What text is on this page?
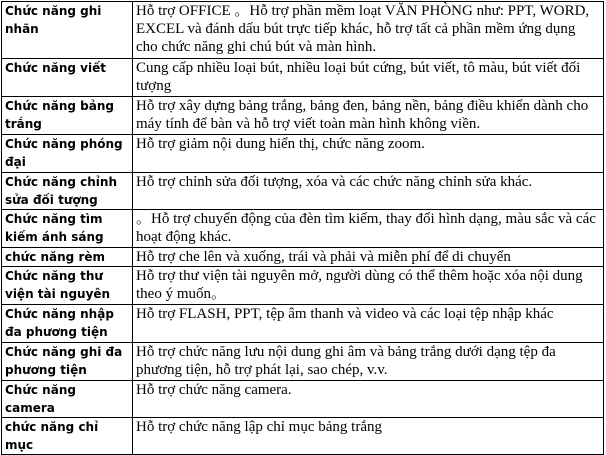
Chức năng ghi nhãn	Hỗ trợ OFFICE 。Hỗ trợ phần mềm loạt VĂN PHÒNG như: PPT, WORD, EXCEL và đánh dấu bút trực tiếp khác, hỗ trợ tất cả phần mềm ứng dụng cho chức năng ghi chú bút và màn hình.
Chức năng viết	Cung cấp nhiều loại bút, nhiều loại bút cứng, bút viết, tô màu, bút viết đối tượng
Chức năng bảng trắng	Hỗ trợ xây dựng bảng trắng, bảng đen, bảng nền, bảng điều khiển dành cho máy tính để bàn và hỗ trợ viết toàn màn hình không viền.
Chức năng phóng đại	Hỗ trợ giảm nội dung hiển thị, chức năng zoom.
Chức năng chỉnh sửa đối tượng	Hỗ trợ chỉnh sửa đối tượng, xóa và các chức năng chỉnh sửa khác.
Chức năng tìm kiếm ánh sáng	。Hỗ trợ chuyển động của đèn tìm kiếm, thay đổi hình dạng, màu sắc và các hoạt động khác.
chức năng rèm	Hỗ trợ che lên và xuống, trái và phải và miễn phí để di chuyển
Chức năng thư viện tài nguyên	Hỗ trợ thư viện tài nguyên mở, người dùng có thể thêm hoặc xóa nội dung theo ý muốn。
Chức năng nhập đa phương tiện	Hỗ trợ FLASH, PPT, tệp âm thanh và video và các loại tệp nhập khác
Chức năng ghi đa phương tiện	Hỗ trợ chức năng lưu nội dung ghi âm và bảng trắng dưới dạng tệp đa phương tiện, hỗ trợ phát lại, sao chép, v.v.
Chức năng camera	Hỗ trợ chức năng camera.
chức năng chỉ mục	Hỗ trợ chức năng lập chỉ mục bảng trắng
